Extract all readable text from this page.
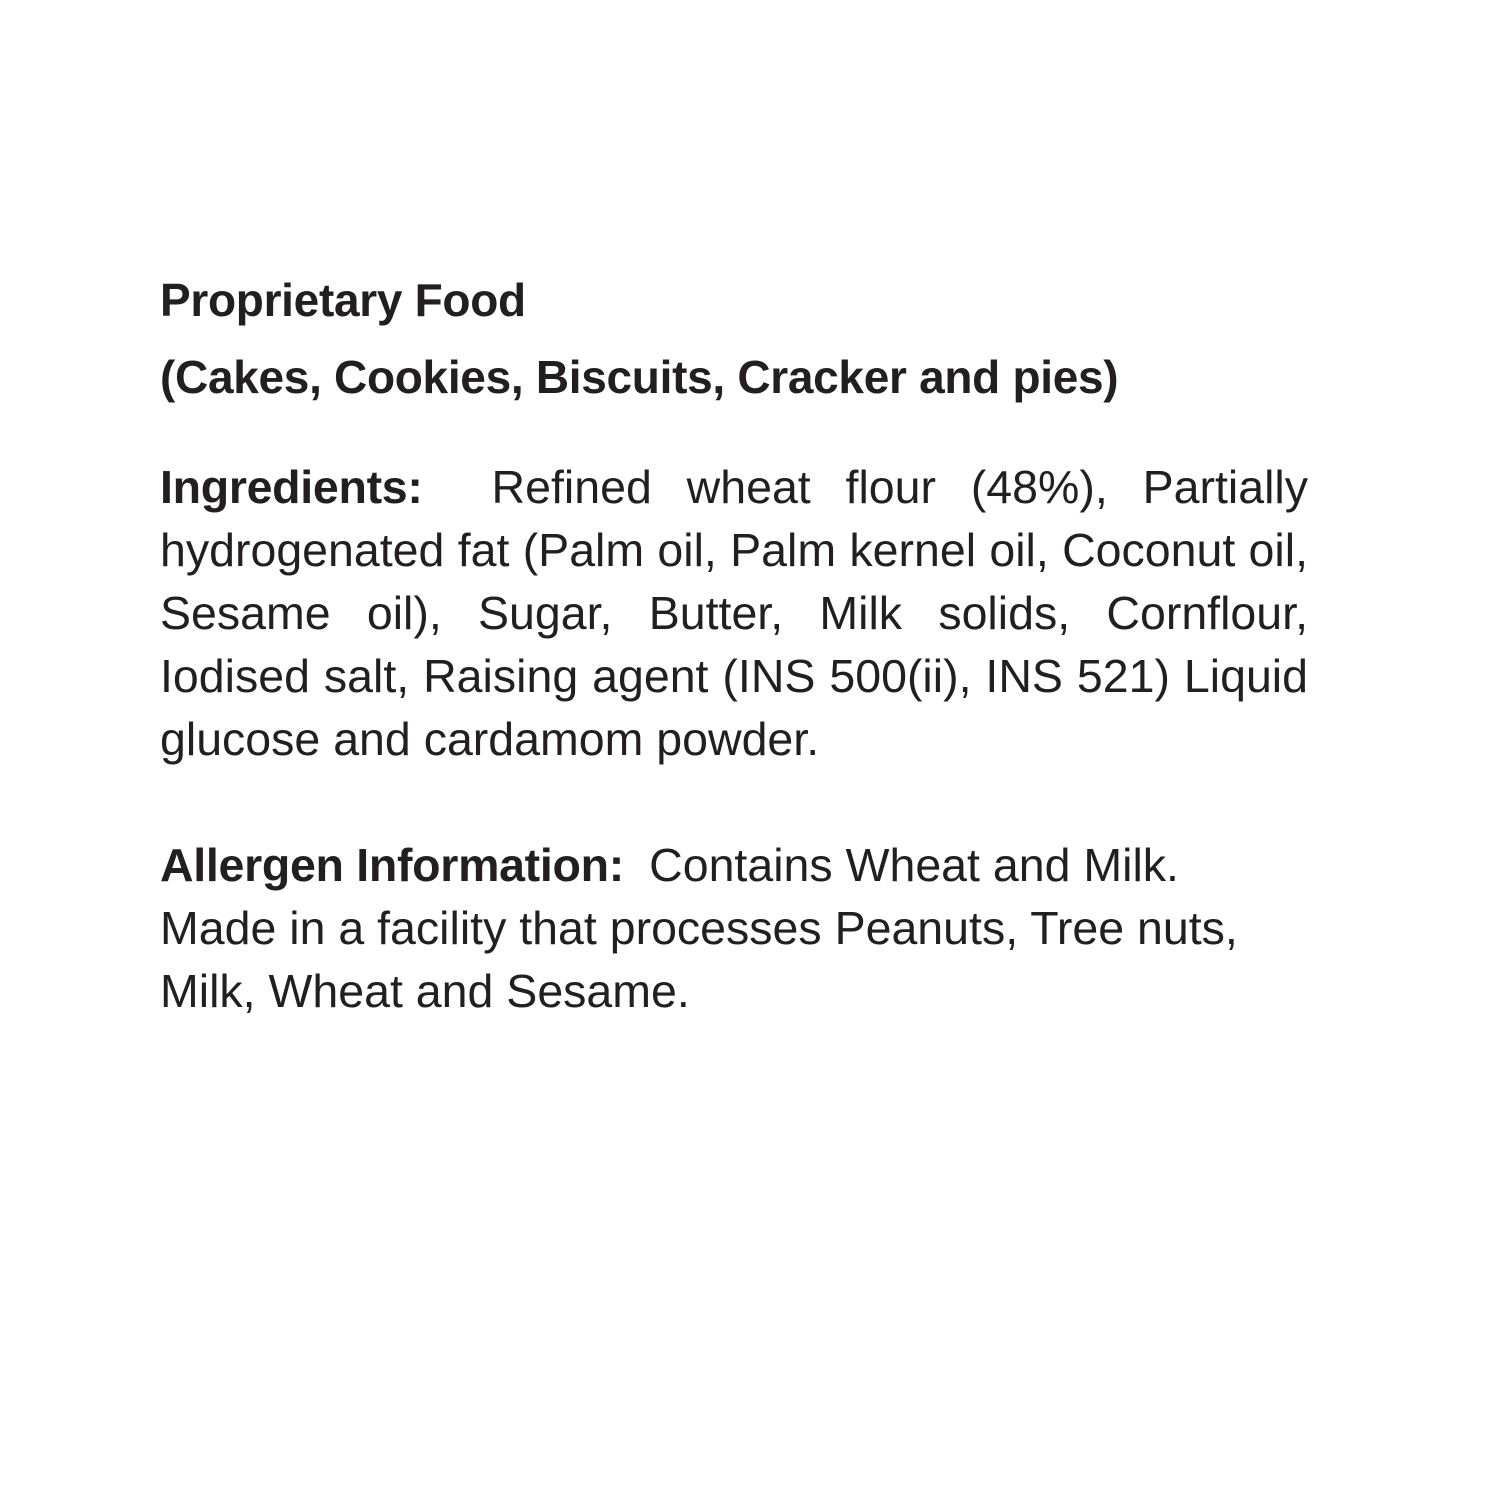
Proprietary Food
(Cakes, Cookies, Biscuits, Cracker and pies)
Ingredients:  Refined wheat flour (48%), Partially hydrogenated fat (Palm oil, Palm kernel oil, Coconut oil, Sesame oil), Sugar, Butter, Milk solids, Cornflour, Iodised salt, Raising agent (INS 500(ii), INS 521) Liquid glucose and cardamom powder.
Allergen Information:  Contains Wheat and Milk.
Made in a facility that processes Peanuts, Tree nuts, Milk, Wheat and Sesame.
